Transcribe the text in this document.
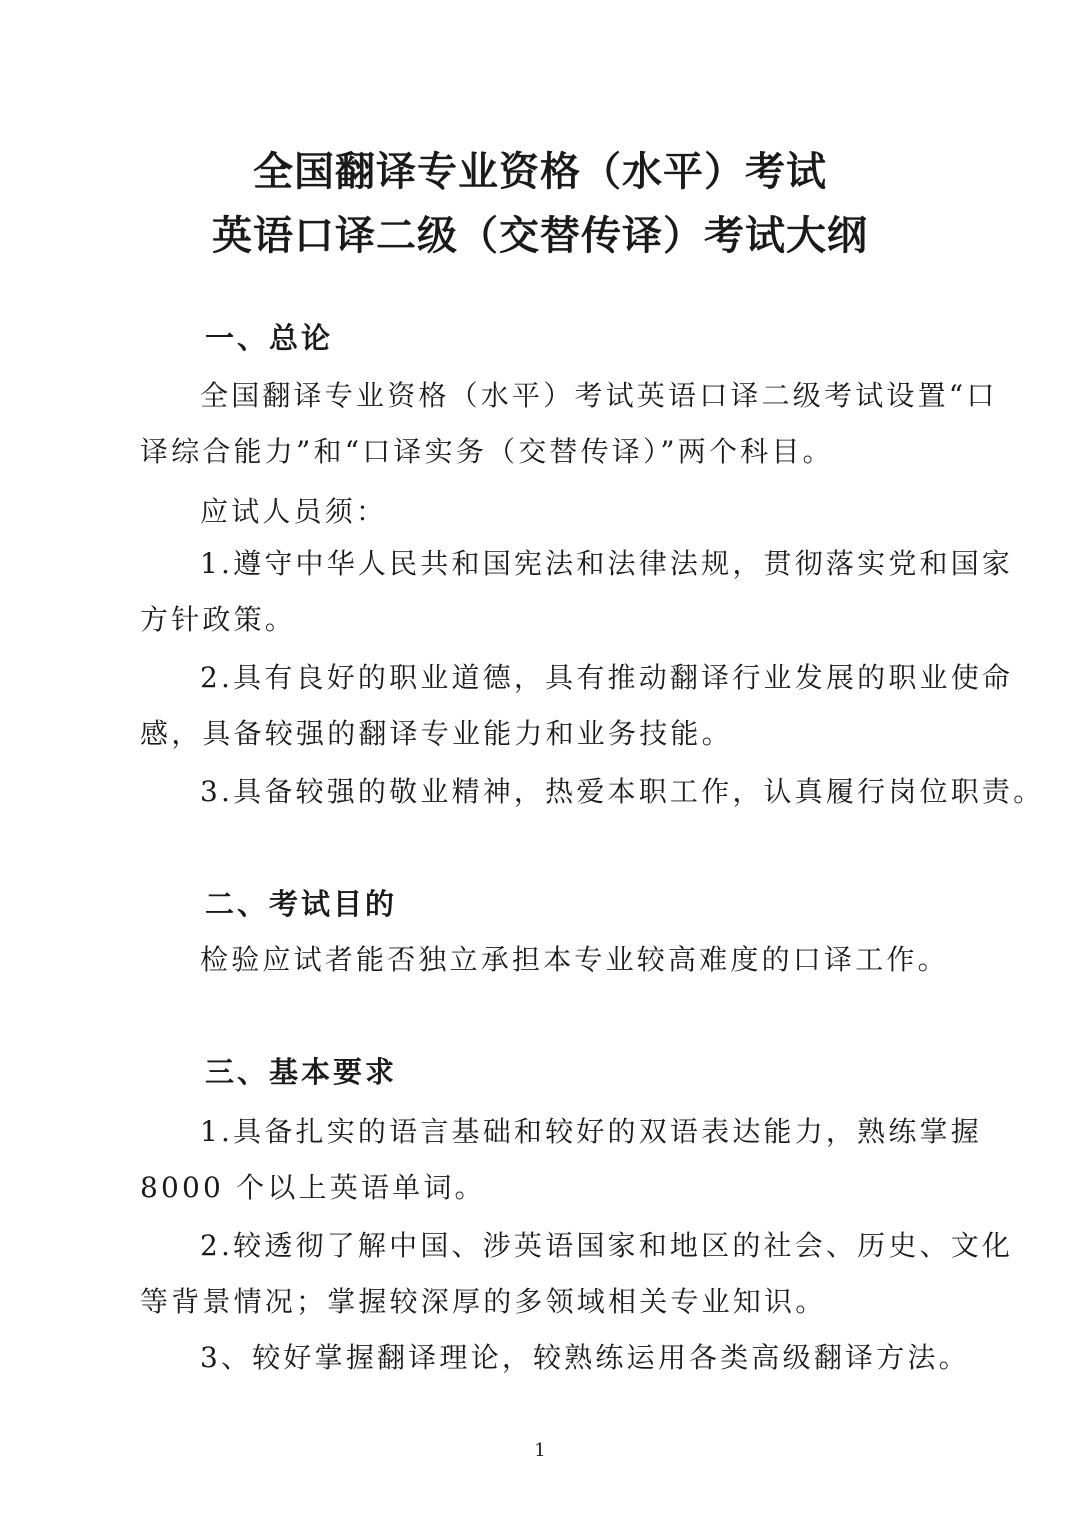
全国翻译专业资格（水平）考试
英语口译二级（交替传译）考试大纲
一、总论
全国翻译专业资格（水平）考试英语口译二级考试设置“口
译综合能力”和“口译实务（交替传译）”两个科目。
应试人员须：
1.遵守中华人民共和国宪法和法律法规，贯彻落实党和国家
方针政策。
2.具有良好的职业道德，具有推动翻译行业发展的职业使命
感，具备较强的翻译专业能力和业务技能。
3.具备较强的敬业精神，热爱本职工作，认真履行岗位职责。
二、考试目的
检验应试者能否独立承担本专业较高难度的口译工作。
三、基本要求
1.具备扎实的语言基础和较好的双语表达能力，熟练掌握
8000 个以上英语单词。
2.较透彻了解中国、涉英语国家和地区的社会、历史、文化
等背景情况；掌握较深厚的多领域相关专业知识。
3、较好掌握翻译理论，较熟练运用各类高级翻译方法。
1
